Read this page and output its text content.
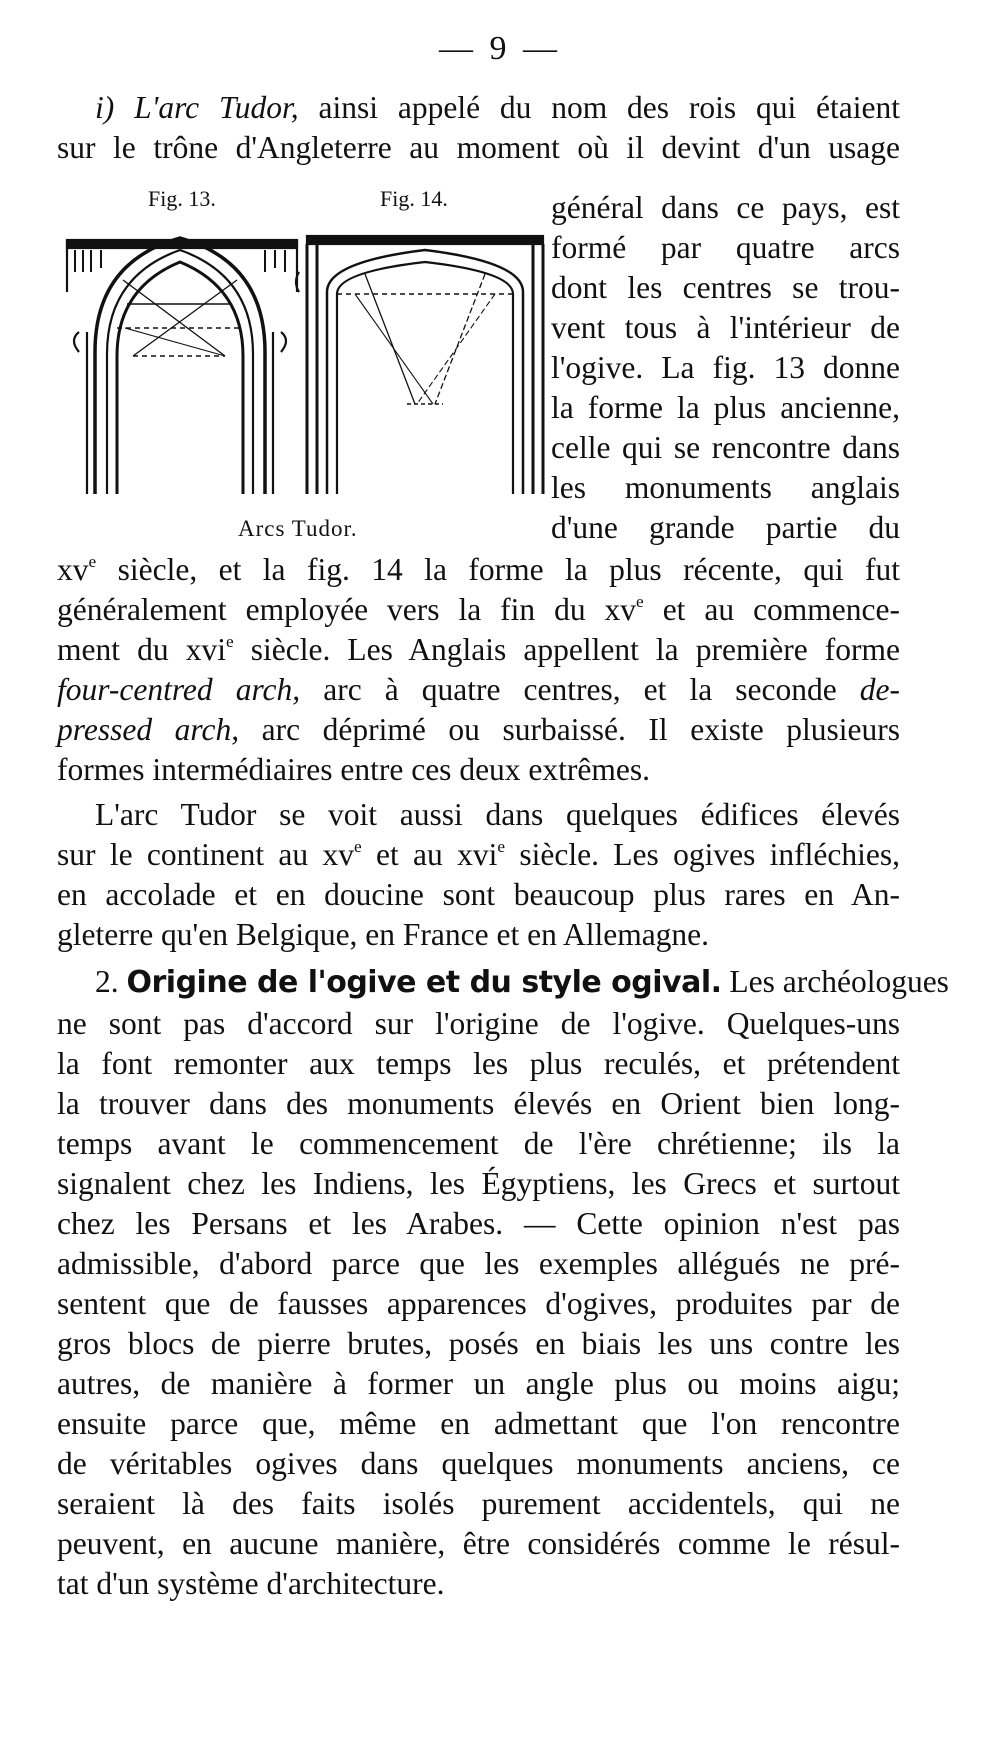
— 9 —
i) L'arc Tudor, ainsi appelé du nom des rois qui étaient
sur le trône d'Angleterre au moment où il devint d'un usage
Fig. 13.	Fig. 14.
Arcs Tudor.
général dans ce pays, est
formé par quatre arcs
dont les centres se trou-
vent tous à l'intérieur de
l'ogive. La fig. 13 donne
la forme la plus ancienne,
celle qui se rencontre dans
les monuments anglais
d'une grande partie du
$xv^e$ siècle, et la fig. 14 la forme la plus récente, qui fut
généralement employée vers la fin du $xv^e$ et au commence-
ment du xvi$^e$ siècle. Les Anglais appellent la première forme
four-centred arch, arc à quatre centres, et la seconde de-
pressed arch, arc déprimé ou surbaissé. Il existe plusieurs
formes intermédiaires entre ces deux extrêmes.
L'arc Tudor se voit aussi dans quelques édifices élevés
sur le continent au $xv^e$ et au xvi$^e$ siècle. Les ogives infléchies,
en accolade et en doucine sont beaucoup plus rares en An-
gleterre qu'en Belgique, en France et en Allemagne.
2. Origine de l'ogive et du style ogival. Les archéologues
ne sont pas d'accord sur l'origine de l'ogive. Quelques-uns
la font remonter aux temps les plus reculés, et prétendent
la trouver dans des monuments élevés en Orient bien long-
temps avant le commencement de l'ère chrétienne; ils la
signalent chez les Indiens, les Égyptiens, les Grecs et surtout
chez les Persans et les Arabes. — Cette opinion n'est pas
admissible, d'abord parce que les exemples allégués ne pré-
sentent que de fausses apparences d'ogives, produites par de
gros blocs de pierre brutes, posés en biais les uns contre les
autres, de manière à former un angle plus ou moins aigu;
ensuite parce que, même en admettant que l'on rencontre
de véritables ogives dans quelques monuments anciens, ce
seraient là des faits isolés purement accidentels, qui ne
peuvent, en aucune manière, être considérés comme le résul-
tat d'un système d'architecture.
